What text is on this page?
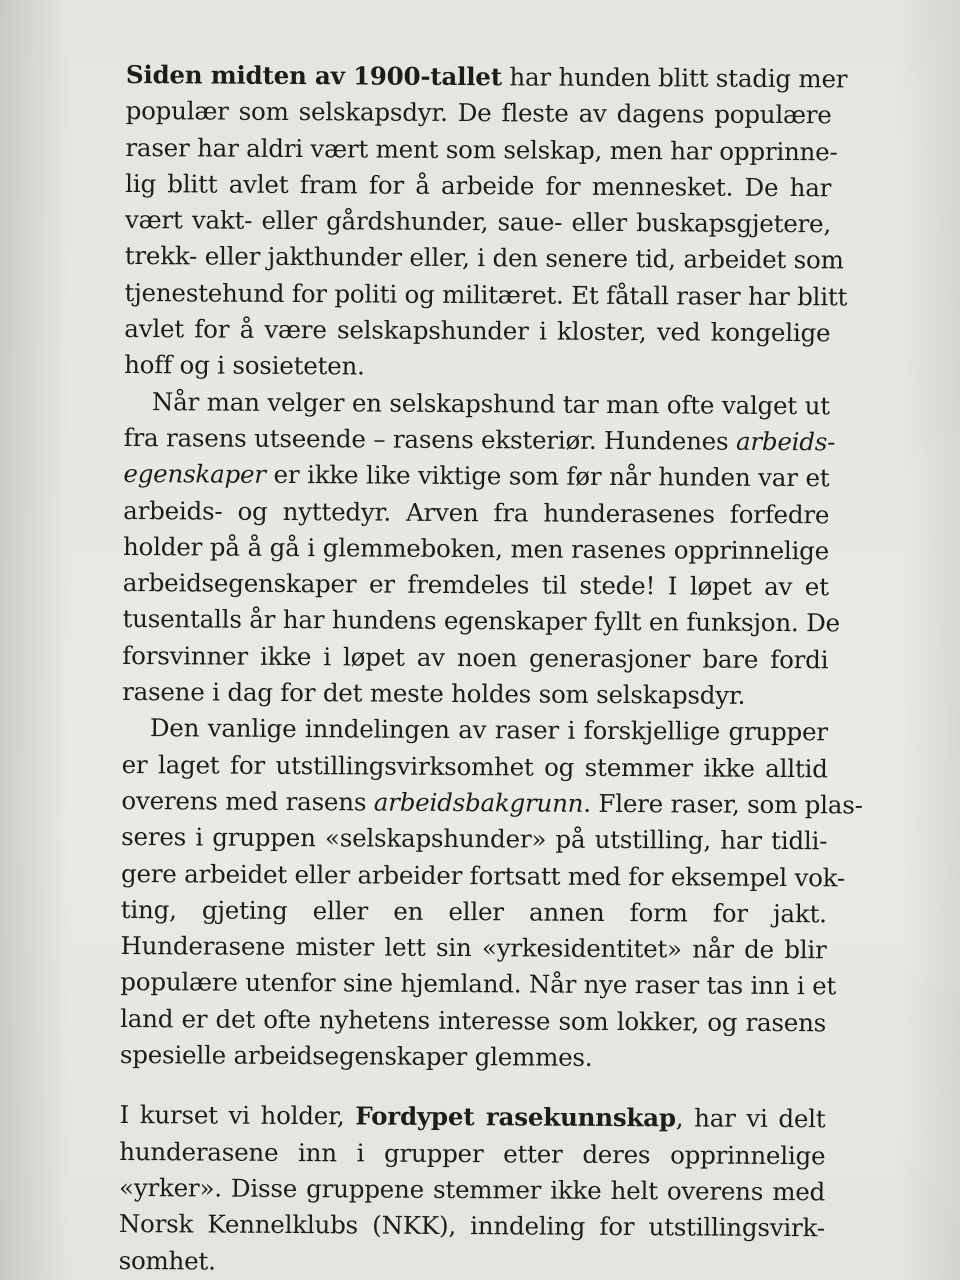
Siden midten av 1900-tallet har hunden blitt stadig mer
populær som selskapsdyr. De fleste av dagens populære
raser har aldri vært ment som selskap, men har opprinne-
lig blitt avlet fram for å arbeide for mennesket. De har
vært vakt- eller gårdshunder, saue- eller buskapsgjetere,
trekk- eller jakthunder eller, i den senere tid, arbeidet som
tjenestehund for politi og militæret. Et fåtall raser har blitt
avlet for å være selskapshunder i kloster, ved kongelige
hoff og i sosieteten.
Når man velger en selskapshund tar man ofte valget ut
fra rasens utseende – rasens eksteriør. Hundenes arbeids-
egenskaper er ikke like viktige som før når hunden var et
arbeids- og nyttedyr. Arven fra hunderasenes forfedre
holder på å gå i glemmeboken, men rasenes opprinnelige
arbeidsegenskaper er fremdeles til stede! I løpet av et
tusentalls år har hundens egenskaper fyllt en funksjon. De
forsvinner ikke i løpet av noen generasjoner bare fordi
rasene i dag for det meste holdes som selskapsdyr.
Den vanlige inndelingen av raser i forskjellige grupper
er laget for utstillingsvirksomhet og stemmer ikke alltid
overens med rasens arbeidsbakgrunn. Flere raser, som plas-
seres i gruppen «selskapshunder» på utstilling, har tidli-
gere arbeidet eller arbeider fortsatt med for eksempel vok-
ting, gjeting eller en eller annen form for jakt.
Hunderasene mister lett sin «yrkesidentitet» når de blir
populære utenfor sine hjemland. Når nye raser tas inn i et
land er det ofte nyhetens interesse som lokker, og rasens
spesielle arbeidsegenskaper glemmes.
I kurset vi holder, Fordypet rasekunnskap, har vi delt
hunderasene inn i grupper etter deres opprinnelige
«yrker». Disse gruppene stemmer ikke helt overens med
Norsk Kennelklubs (NKK), inndeling for utstillingsvirk-
somhet.
